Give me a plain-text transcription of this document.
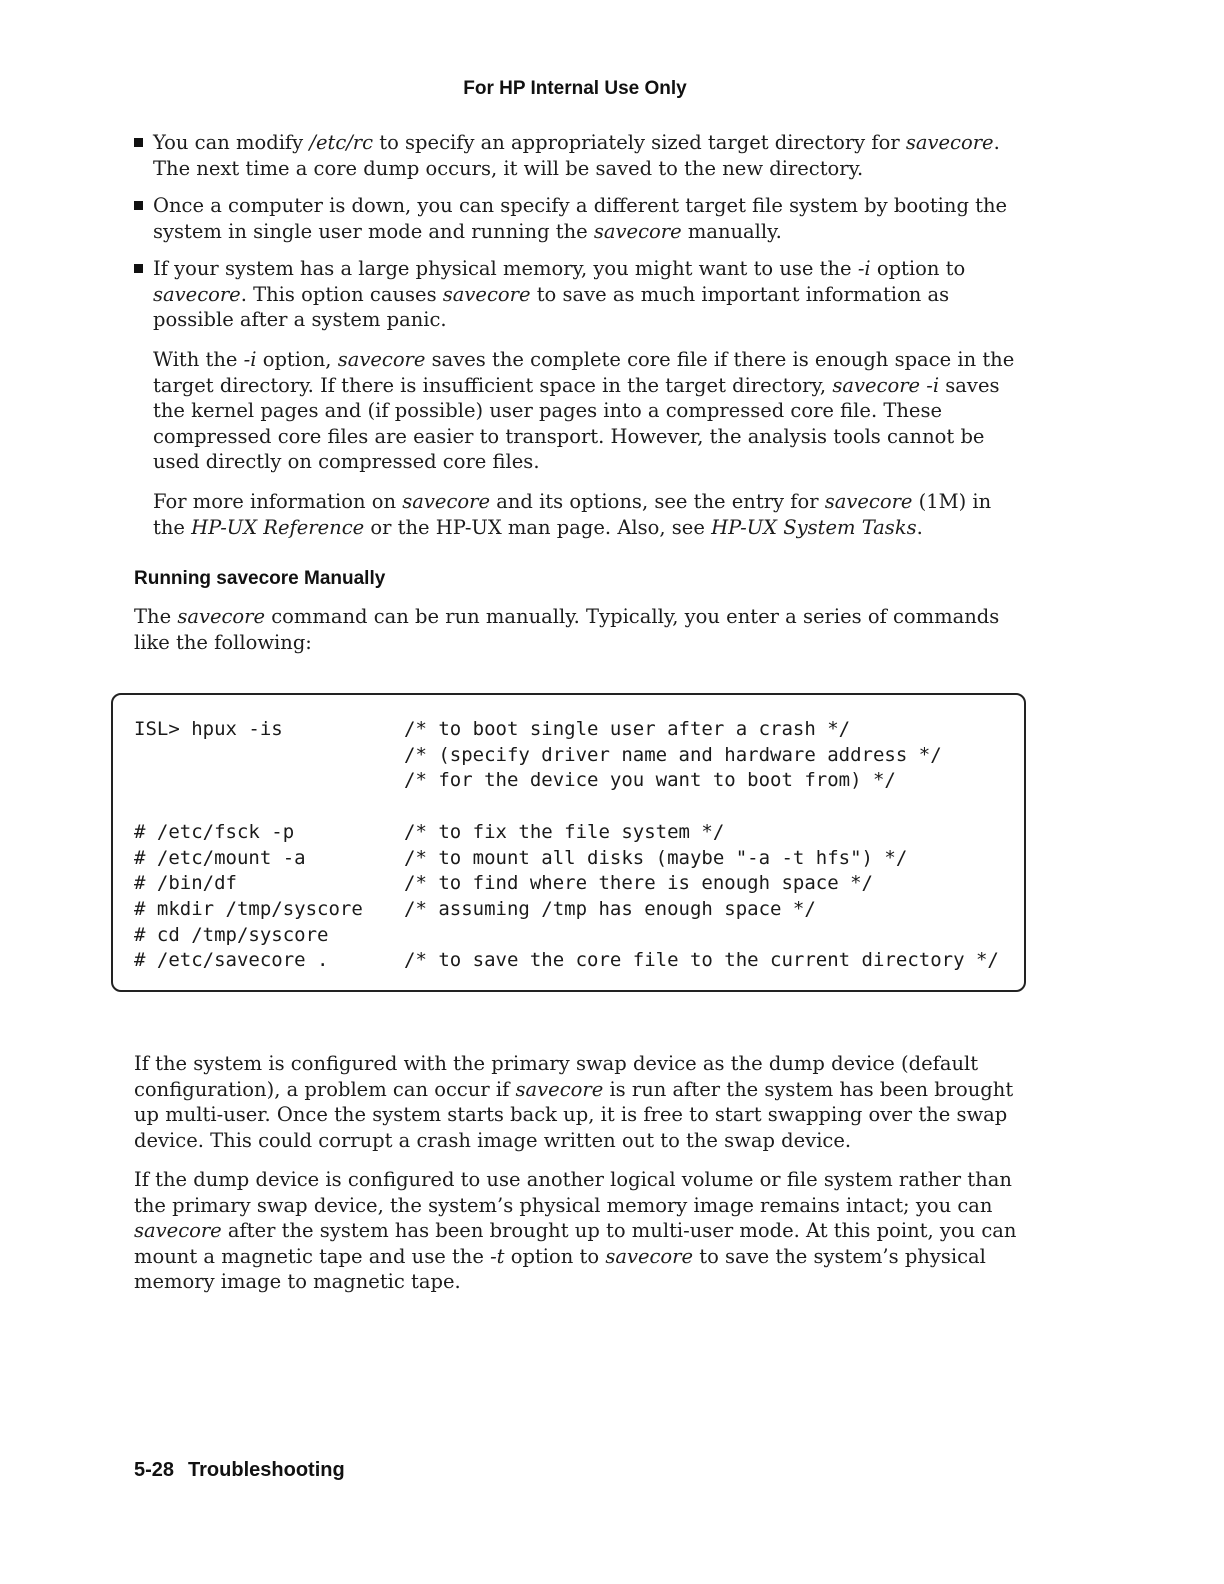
For HP Internal Use Only
You can modify /etc/rc to specify an appropriately sized target directory for savecore. The next time a core dump occurs, it will be saved to the new directory.
Once a computer is down, you can specify a different target file system by booting the system in single user mode and running the savecore manually.
If your system has a large physical memory, you might want to use the -i option to savecore. This option causes savecore to save as much important information as possible after a system panic.
With the -i option, savecore saves the complete core file if there is enough space in the target directory. If there is insufficient space in the target directory, savecore -i saves the kernel pages and (if possible) user pages into a compressed core file. These compressed core files are easier to transport. However, the analysis tools cannot be used directly on compressed core files.
For more information on savecore and its options, see the entry for savecore (1M) in the HP-UX Reference or the HP-UX man page. Also, see HP-UX System Tasks.
Running savecore Manually
The savecore command can be run manually. Typically, you enter a series of commands like the following:
ISL> hpux -is	/* to boot single user after a crash */
/* (specify driver name and hardware address */
/* for the device you want to boot from) */
# /etc/fsck -p	/* to fix the file system */
# /etc/mount -a	/* to mount all disks (maybe "-a -t hfs") */
# /bin/df	/* to find where there is enough space */
# mkdir /tmp/syscore /* assuming /tmp has enough space */
# cd /tmp/syscore
# /etc/savecore .	/* to save the core file to the current directory */
If the system is configured with the primary swap device as the dump device (default configuration), a problem can occur if savecore is run after the system has been brought up multi-user. Once the system starts back up, it is free to start swapping over the swap device. This could corrupt a crash image written out to the swap device.
If the dump device is configured to use another logical volume or file system rather than the primary swap device, the system’s physical memory image remains intact; you can savecore after the system has been brought up to multi-user mode. At this point, you can mount a magnetic tape and use the -t option to savecore to save the system’s physical memory image to magnetic tape.
5-28 Troubleshooting
